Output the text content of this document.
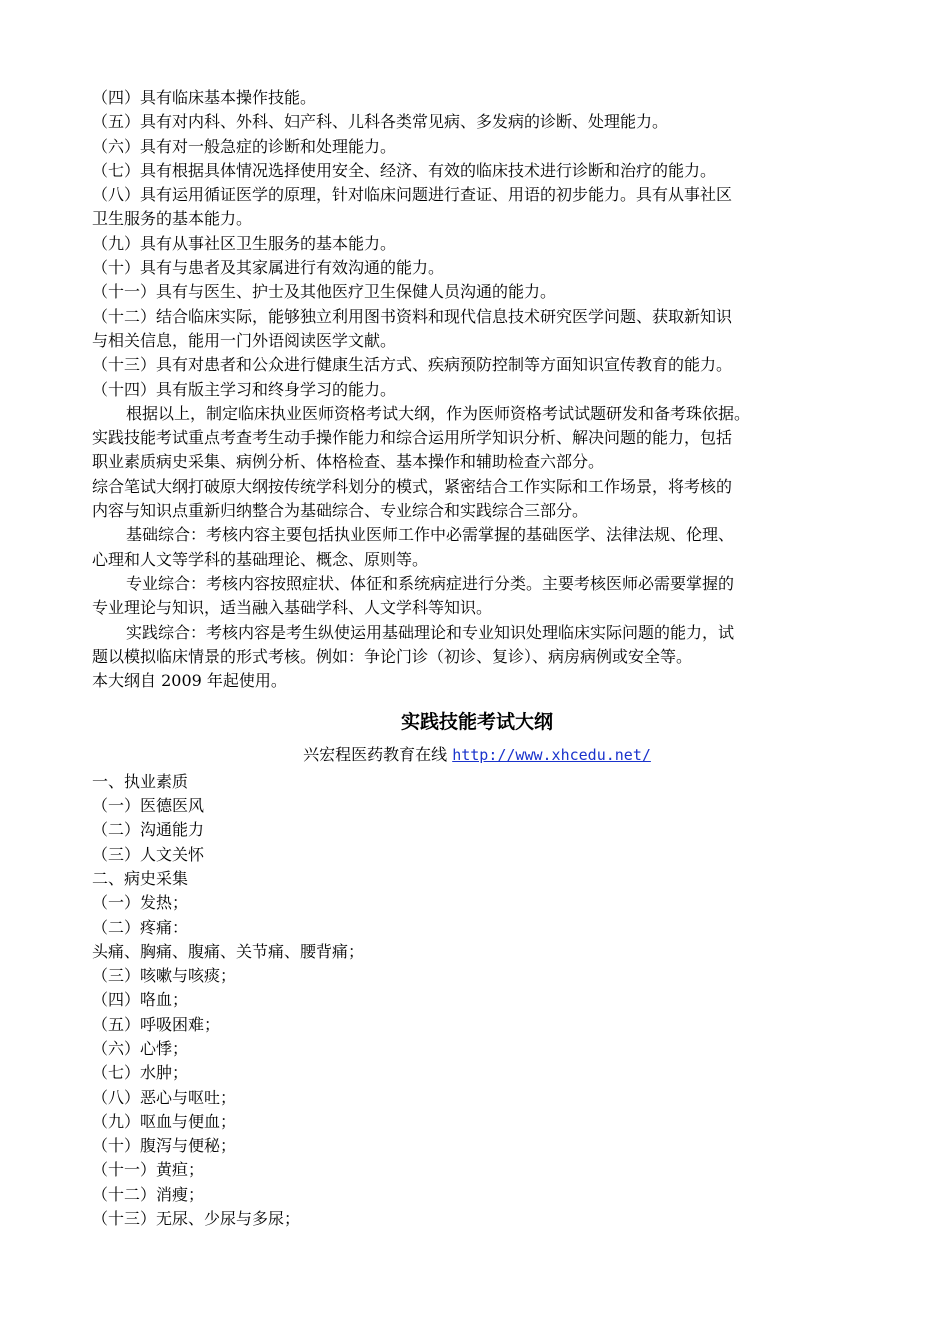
（四）具有临床基本操作技能。

（五）具有对内科、外科、妇产科、儿科各类常见病、多发病的诊断、处理能力。

（六）具有对一般急症的诊断和处理能力。

（七）具有根据具体情况选择使用安全、经济、有效的临床技术进行诊断和治疗的能力。

（八）具有运用循证医学的原理，针对临床问题进行查证、用语的初步能力。具有从事社区

卫生服务的基本能力。

（九）具有从事社区卫生服务的基本能力。

（十）具有与患者及其家属进行有效沟通的能力。

（十一）具有与医生、护士及其他医疗卫生保健人员沟通的能力。

（十二）结合临床实际，能够独立利用图书资料和现代信息技术研究医学问题、获取新知识

与相关信息，能用一门外语阅读医学文献。

（十三）具有对患者和公众进行健康生活方式、疾病预防控制等方面知识宣传教育的能力。

（十四）具有版主学习和终身学习的能力。

根据以上，制定临床执业医师资格考试大纲，作为医师资格考试试题研发和备考珠依据。

实践技能考试重点考查考生动手操作能力和综合运用所学知识分析、解决问题的能力，包括

职业素质病史采集、病例分析、体格检查、基本操作和辅助检查六部分。

综合笔试大纲打破原大纲按传统学科划分的模式，紧密结合工作实际和工作场景，将考核的

内容与知识点重新归纳整合为基础综合、专业综合和实践综合三部分。

基础综合：考核内容主要包括执业医师工作中必需掌握的基础医学、法律法规、伦理、

心理和人文等学科的基础理论、概念、原则等。

专业综合：考核内容按照症状、体征和系统病症进行分类。主要考核医师必需要掌握的

专业理论与知识，适当融入基础学科、人文学科等知识。

实践综合：考核内容是考生纵使运用基础理论和专业知识处理临床实际问题的能力，试

题以模拟临床情景的形式考核。例如：争论门诊（初诊、复诊）、病房病例或安全等。

本大纲自 2009 年起使用。

实践技能考试大纲

兴宏程医药教育在线 http://www.xhcedu.net/

一、执业素质

（一）医德医风

（二）沟通能力

（三）人文关怀

二、病史采集

（一）发热；

（二）疼痛：

头痛、胸痛、腹痛、关节痛、腰背痛；

（三）咳嗽与咳痰；

（四）咯血；

（五）呼吸困难；

（六）心悸；

（七）水肿；

（八）恶心与呕吐；

（九）呕血与便血；

（十）腹泻与便秘；

（十一）黄疸；

（十二）消瘦；

（十三）无尿、少尿与多尿；
